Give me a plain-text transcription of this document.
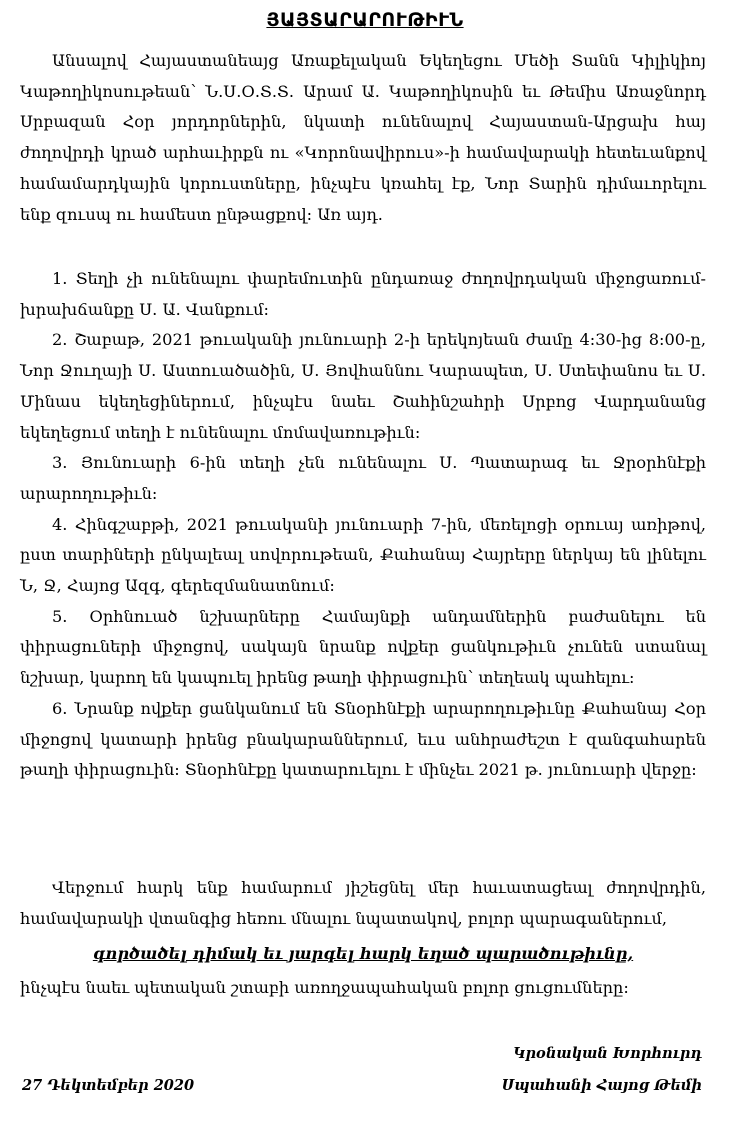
ՅԱՅՏԱՐԱՐՈՒԹԻՒՆ

Անսալով Հայաստանեայց Առաքելական Եկեղեցու Մեծի Տանն Կիլիկիոյ Կաթողիկոսութեան՝ Ն.Ս.Օ.Տ.Տ. Արամ Ա. Կաթողիկոսին եւ Թեմիս Առաջնորդ Սրբազան Հօր յորդորներին, նկատի ունենալով Հայաստան-Արցախ հայ ժողովրդի կրած արհաւիրքն ու «Կորոնավիրուս»-ի համավարակի հետեւանքով համամարդկային կորուստները, ինչպէս կռահել էք, Նոր Տարին դիմաւորելու ենք զուսպ ու համեստ ընթացքով: Առ այդ.

1. Տեղի չի ունենալու փարեմուտին ընդառաջ ժողովրդական միջոցառում-խրախճանքը Ս. Ա. Վանքում:
2. Շաբաթ, 2021 թուականի յունուարի 2-ի երեկոյեան ժամը 4:30-ից 8:00-ը, Նոր Ջուղայի Ս. Աստուածածին, Ս. Յովհաննու Կարապետ, Ս. Ստեփանոս եւ Ս. Մինաս եկեղեցիներում, ինչպէս նաեւ Շահինշահրի Սրբոց Վարդանանց եկեղեցում տեղի է ունենալու մոմավառութիւն:
3. Յունուարի 6-ին տեղի չեն ունենալու Ս. Պատարագ եւ Ջրօրհնէքի արարողութիւն:
4. Հինգշաբթի, 2021 թուականի յունուարի 7-ին, մեռելոցի օրուայ առիթով, ըստ տարիների ընկալեալ սովորութեան, Քահանայ Հայրերը ներկայ են լինելու Ն, Ջ, Հայոց Ազգ, գերեզմանատնում:
5. Օրհնուած նշխարները Համայնքի անդամներին բաժանելու են փիրացուների միջոցով, սակայն նրանք ովքեր ցանկութիւն չունեն ստանալ նշխար, կարող են կապուել իրենց թաղի փիրացուին՝ տեղեակ պահելու:
6. Նրանք ովքեր ցանկանում են Տնօրհնէքի արարողութիւնը Քահանայ Հօր միջոցով կատարի իրենց բնակարաններում, եւս անհրաժեշտ է զանգահարեն թաղի փիրացուին: Տնօրհնէքը կատարուելու է մինչեւ 2021 թ. յունուարի վերջը:

Վերջում հարկ ենք համարում յիշեցնել մեր հաւատացեալ ժողովրդին, համավարակի վտանգից հեռու մնալու նպատակով, բոլոր պարագաներում,

գործածել դիմակ եւ յարգել հարկ եղած պարածութիւնը,
ինչպէս նաեւ պետական շտաբի առողջապահական բոլոր ցուցումները:
Կրօնական Խորհուրդ
Սպահանի Հայոց Թեմի
27 Դեկտեմբեր 2020
